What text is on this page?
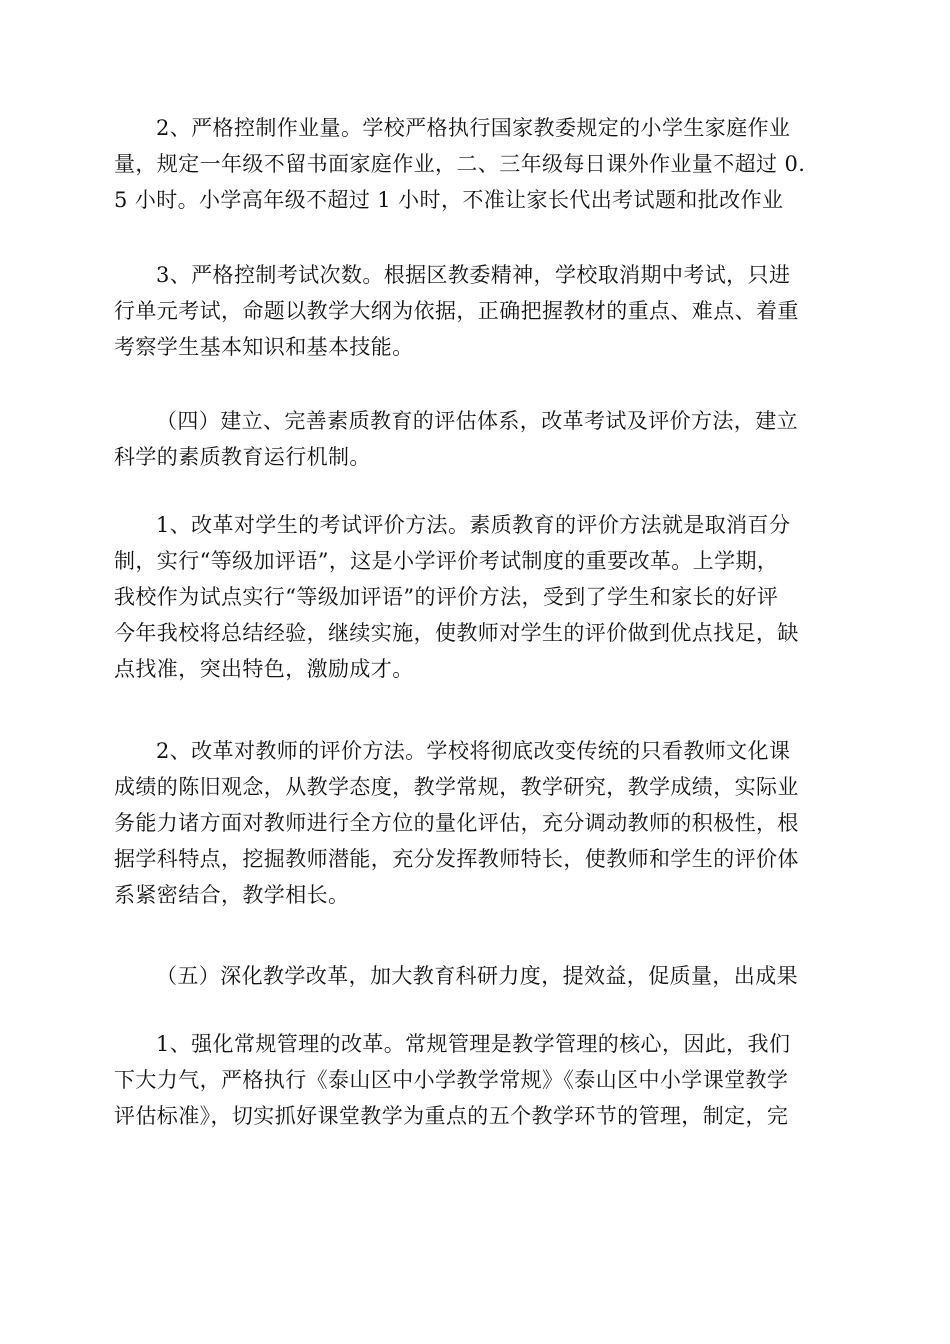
2、严格控制作业量。学校严格执行国家教委规定的小学生家庭作业
量，规定一年级不留书面家庭作业，二、三年级每日课外作业量不超过 0.
5 小时。小学高年级不超过 1 小时，不准让家长代出考试题和批改作业
3、严格控制考试次数。根据区教委精神，学校取消期中考试，只进
行单元考试，命题以教学大纲为依据，正确把握教材的重点、难点、着重
考察学生基本知识和基本技能。
（四）建立、完善素质教育的评估体系，改革考试及评价方法，建立
科学的素质教育运行机制。
1、改革对学生的考试评价方法。素质教育的评价方法就是取消百分
制，实行“等级加评语”，这是小学评价考试制度的重要改革。上学期，
我校作为试点实行“等级加评语”的评价方法，受到了学生和家长的好评
今年我校将总结经验，继续实施，使教师对学生的评价做到优点找足，缺
点找准，突出特色，激励成才。
2、改革对教师的评价方法。学校将彻底改变传统的只看教师文化课
成绩的陈旧观念，从教学态度，教学常规，教学研究，教学成绩，实际业
务能力诸方面对教师进行全方位的量化评估，充分调动教师的积极性，根
据学科特点，挖掘教师潜能，充分发挥教师特长，使教师和学生的评价体
系紧密结合，教学相长。
（五）深化教学改革，加大教育科研力度，提效益，促质量，出成果
1、强化常规管理的改革。常规管理是教学管理的核心，因此，我们
下大力气，严格执行《泰山区中小学教学常规》《泰山区中小学课堂教学
评估标准》，切实抓好课堂教学为重点的五个教学环节的管理，制定，完
